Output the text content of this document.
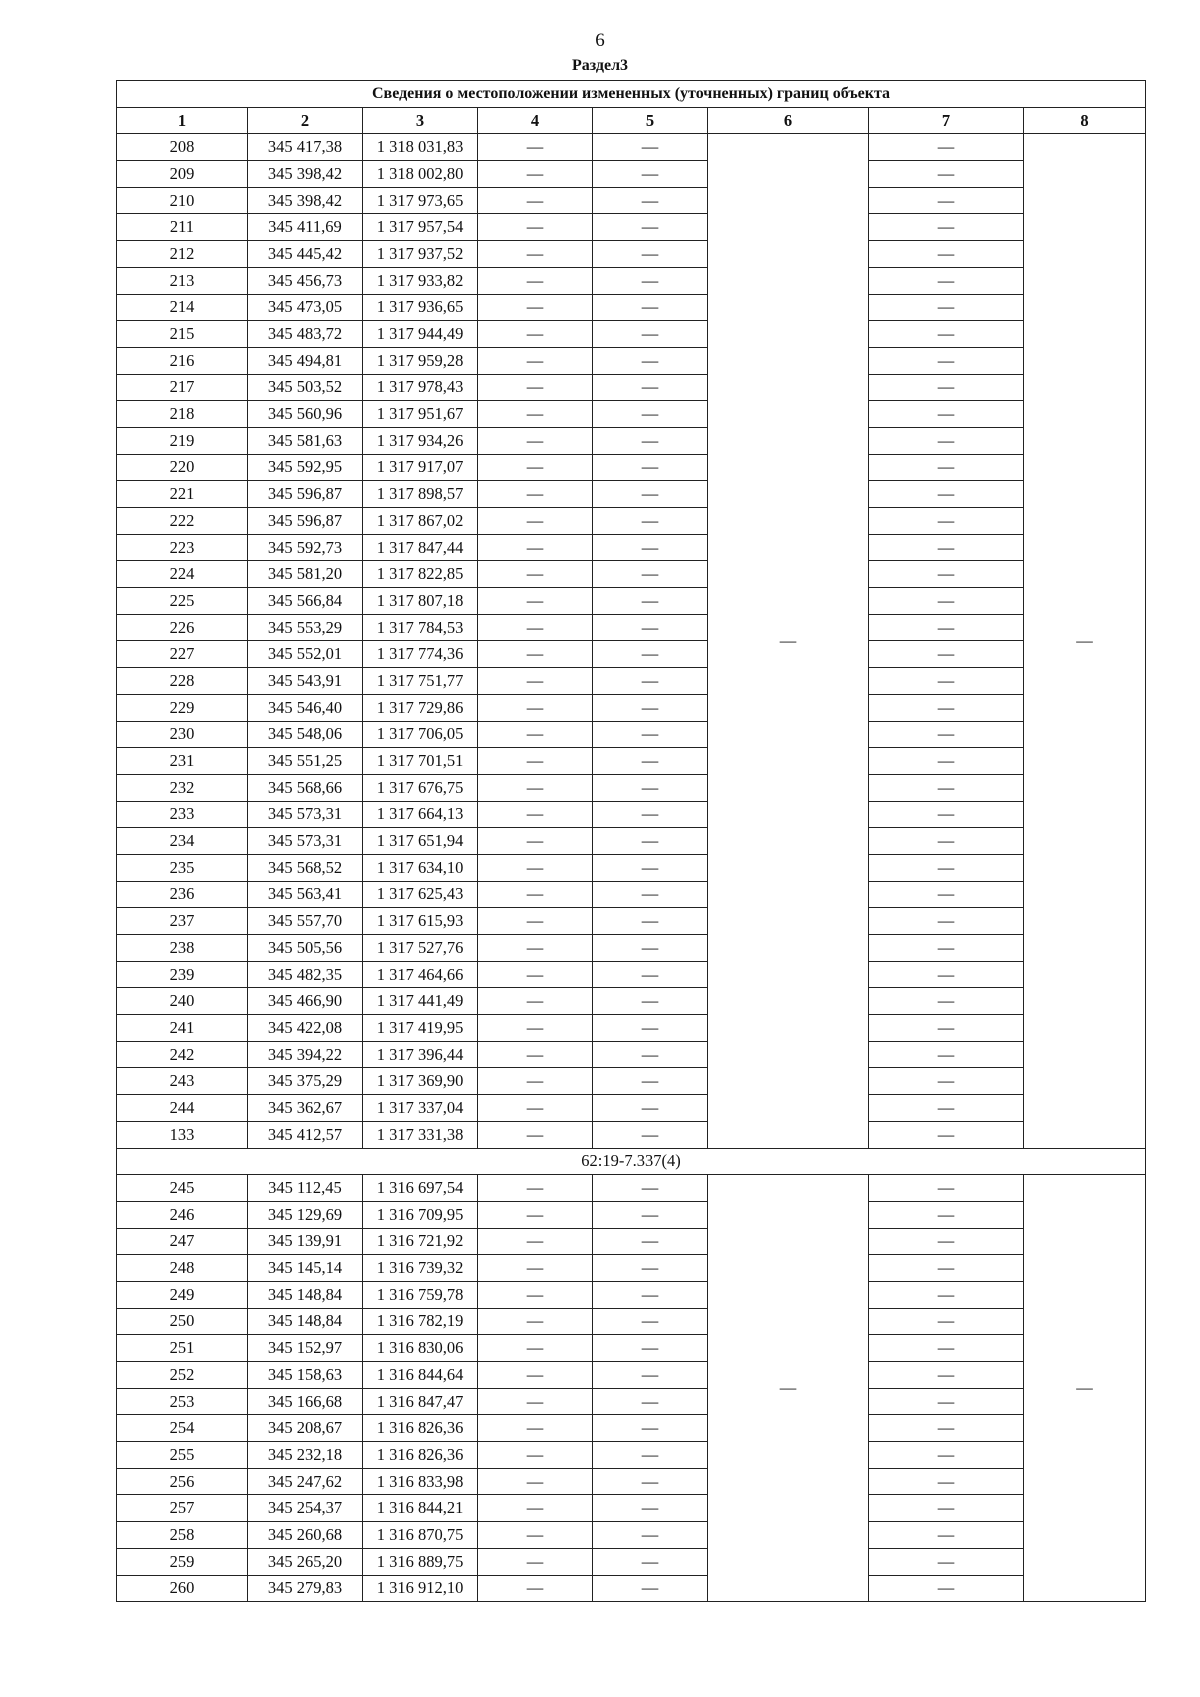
6
Раздел3
Сведения о местоположении измененных (уточненных) границ объекта							
1	2	3	4	5	6	7	8
208	345 417,38	1 318 031,83	—	—	—	—	—
209	345 398,42	1 318 002,80	—	—		—	
210	345 398,42	1 317 973,65	—	—		—	
211	345 411,69	1 317 957,54	—	—		—	
212	345 445,42	1 317 937,52	—	—		—	
213	345 456,73	1 317 933,82	—	—		—	
214	345 473,05	1 317 936,65	—	—		—	
215	345 483,72	1 317 944,49	—	—		—	
216	345 494,81	1 317 959,28	—	—		—	
217	345 503,52	1 317 978,43	—	—		—	
218	345 560,96	1 317 951,67	—	—		—	
219	345 581,63	1 317 934,26	—	—		—	
220	345 592,95	1 317 917,07	—	—		—	
221	345 596,87	1 317 898,57	—	—		—	
222	345 596,87	1 317 867,02	—	—		—	
223	345 592,73	1 317 847,44	—	—		—	
224	345 581,20	1 317 822,85	—	—		—	
225	345 566,84	1 317 807,18	—	—		—	
226	345 553,29	1 317 784,53	—	—		—	
227	345 552,01	1 317 774,36	—	—		—	
228	345 543,91	1 317 751,77	—	—		—	
229	345 546,40	1 317 729,86	—	—		—	
230	345 548,06	1 317 706,05	—	—		—	
231	345 551,25	1 317 701,51	—	—		—	
232	345 568,66	1 317 676,75	—	—		—	
233	345 573,31	1 317 664,13	—	—		—	
234	345 573,31	1 317 651,94	—	—		—	
235	345 568,52	1 317 634,10	—	—		—	
236	345 563,41	1 317 625,43	—	—		—	
237	345 557,70	1 317 615,93	—	—		—	
238	345 505,56	1 317 527,76	—	—		—	
239	345 482,35	1 317 464,66	—	—		—	
240	345 466,90	1 317 441,49	—	—		—	
241	345 422,08	1 317 419,95	—	—		—	
242	345 394,22	1 317 396,44	—	—		—	
243	345 375,29	1 317 369,90	—	—		—	
244	345 362,67	1 317 337,04	—	—		—	
133	345 412,57	1 317 331,38	—	—		—	
62:19-7.337(4)							
245	345 112,45	1 316 697,54	—	—	—	—	—
246	345 129,69	1 316 709,95	—	—		—	
247	345 139,91	1 316 721,92	—	—		—	
248	345 145,14	1 316 739,32	—	—		—	
249	345 148,84	1 316 759,78	—	—		—	
250	345 148,84	1 316 782,19	—	—		—	
251	345 152,97	1 316 830,06	—	—		—	
252	345 158,63	1 316 844,64	—	—		—	
253	345 166,68	1 316 847,47	—	—		—	
254	345 208,67	1 316 826,36	—	—		—	
255	345 232,18	1 316 826,36	—	—		—	
256	345 247,62	1 316 833,98	—	—		—	
257	345 254,37	1 316 844,21	—	—		—	
258	345 260,68	1 316 870,75	—	—		—	
259	345 265,20	1 316 889,75	—	—		—	
260	345 279,83	1 316 912,10	—	—		—	
